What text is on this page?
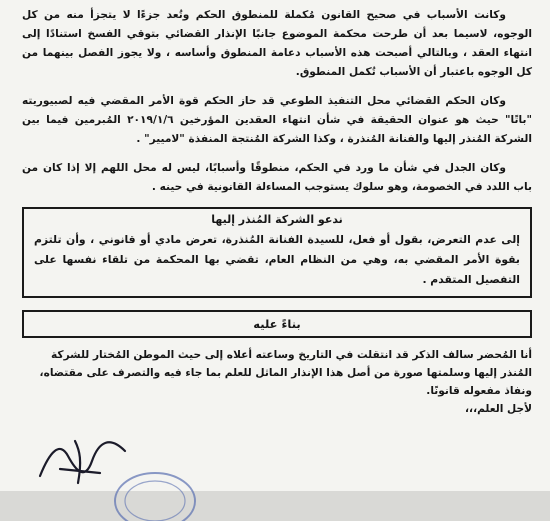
وكانت الأسباب في صحيح القانون مُكملة للمنطوق الحكم وتُعد جزءًا لا يتجزأ منه من كل الوجوه، لاسيما بعد أن طرحت محكمة الموضوع جانبًا الإنذار القضائي بتوقي الفسخ استنادًا إلى انتهاء العقد ، وبالتالي أصبحت هذه الأسباب دعامة المنطوق وأساسه ، ولا يجوز الفصل بينهما من كل الوجوه باعتبار أن الأسباب تُكمل المنطوق.

وكان الحكم القضائي محل التنفيذ الطوعي قد حاز الحكم قوة الأمر المقضي فيه لصبيوريته "باتًا" حيث هو عنوان الحقيقة في شأن انتهاء العقدين المؤرخين ٢٠١٩/١/٦ المُبرمين فيما بين الشركة المُنذر إليها والفنانة المُنذرة ، وكذا الشركة المُنتجة المنفذة "لاميير" .

وكان الجدل في شأن ما ورد في الحكم، منطوقًا وأسبابًا، ليس له محل اللهم إلا إذا كان من باب اللدد في الخصومة، وهو سلوك يستوجب المساءلة القانونية في حينه .

ندعو الشركة المُنذر إليها
إلى عدم التعرض، بقول أو فعل، للسيدة الفنانة المُنذرة، تعرض مادي أو قانوني ، وأن تلتزم بقوة الأمر المقضي به، وهي من النظام العام، تقضي بها المحكمة من تلقاء نفسها على التفصيل المتقدم .
بناءً عليه

أنا المُحضر سالف الذكر قد انتقلت في التاريخ وساعته أعلاه إلى حيث الموطن المُختار للشركة المُنذر إليها وسلمتها صورة من أصل هذا الإنذار الماثل للعلم بما جاء فيه والتصرف على مقتضاه، ونفاذ مفعوله قانونًا.

لأجل العلم،،،
